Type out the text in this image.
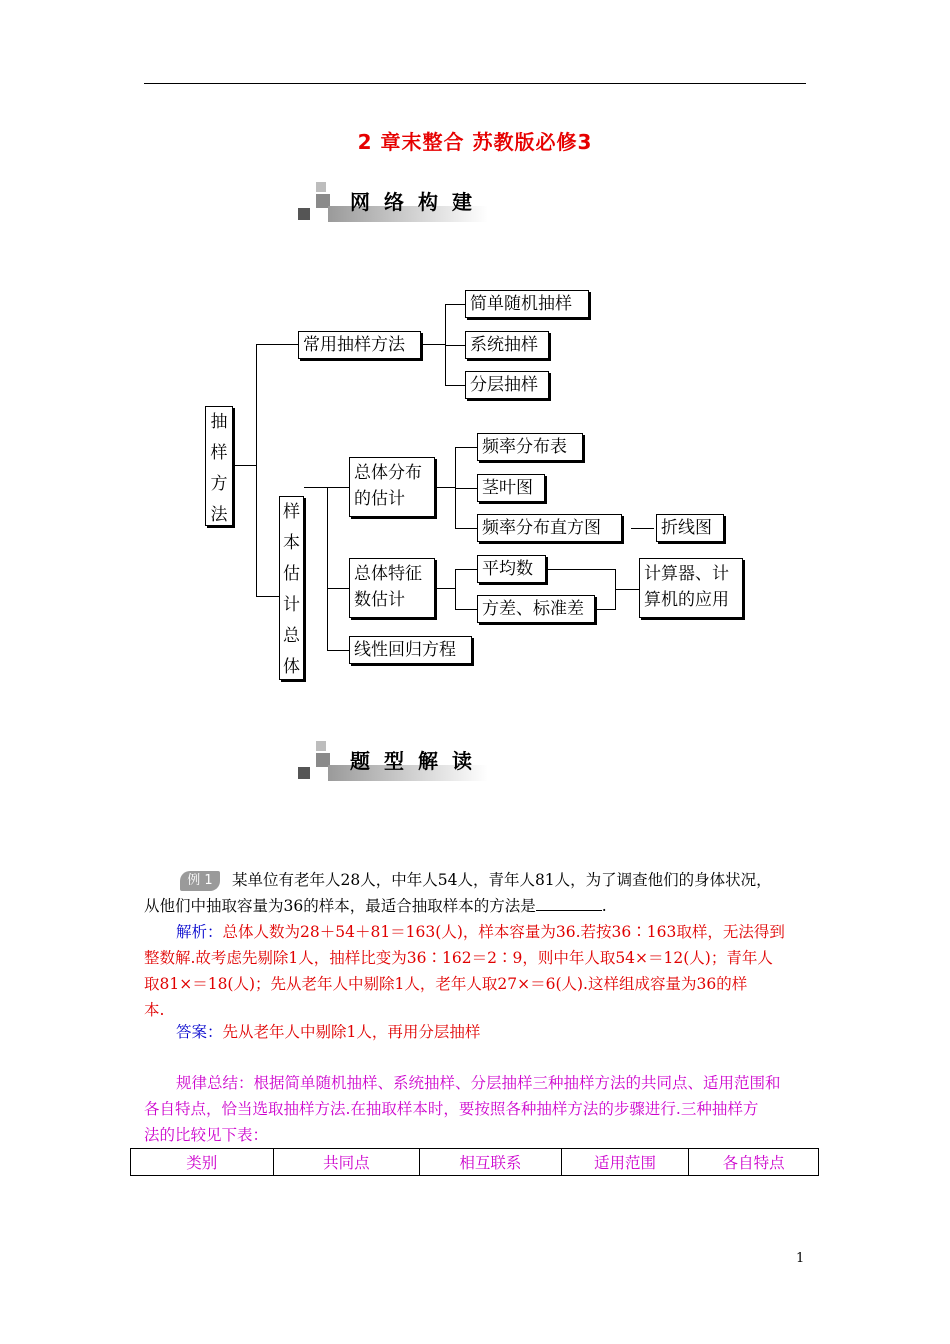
2 章末整合 苏教版必修3
网络构建
抽样方法
常用抽样方法
简单随机抽样
系统抽样
分层抽样
样本估计总体
总体分布
的估计
频率分布表
茎叶图
频率分布直方图	折线图
总体特征
数估计
平均数
方差、标准差
计算器、计
算机的应用
线性回归方程
题型解读
例 1 某单位有老年人28人，中年人54人，青年人81人，为了调查他们的身体状况，
从他们中抽取容量为36的样本，最适合抽取样本的方法是	.
解析：总体人数为28＋54＋81＝163(人)，样本容量为36.若按36∶163取样，无法得到
整数解.故考虑先剔除1人，抽样比变为36∶162＝2∶9，则中年人取54×＝12(人)；青年人
取81×＝18(人)；先从老年人中剔除1人，老年人取27×＝6(人).这样组成容量为36的样
本.
答案：先从老年人中剔除1人，再用分层抽样
规律总结：根据简单随机抽样、系统抽样、分层抽样三种抽样方法的共同点、适用范围和
各自特点，恰当选取抽样方法.在抽取样本时，要按照各种抽样方法的步骤进行.三种抽样方
法的比较见下表：
类别	共同点	相互联系	适用范围	各自特点
1
